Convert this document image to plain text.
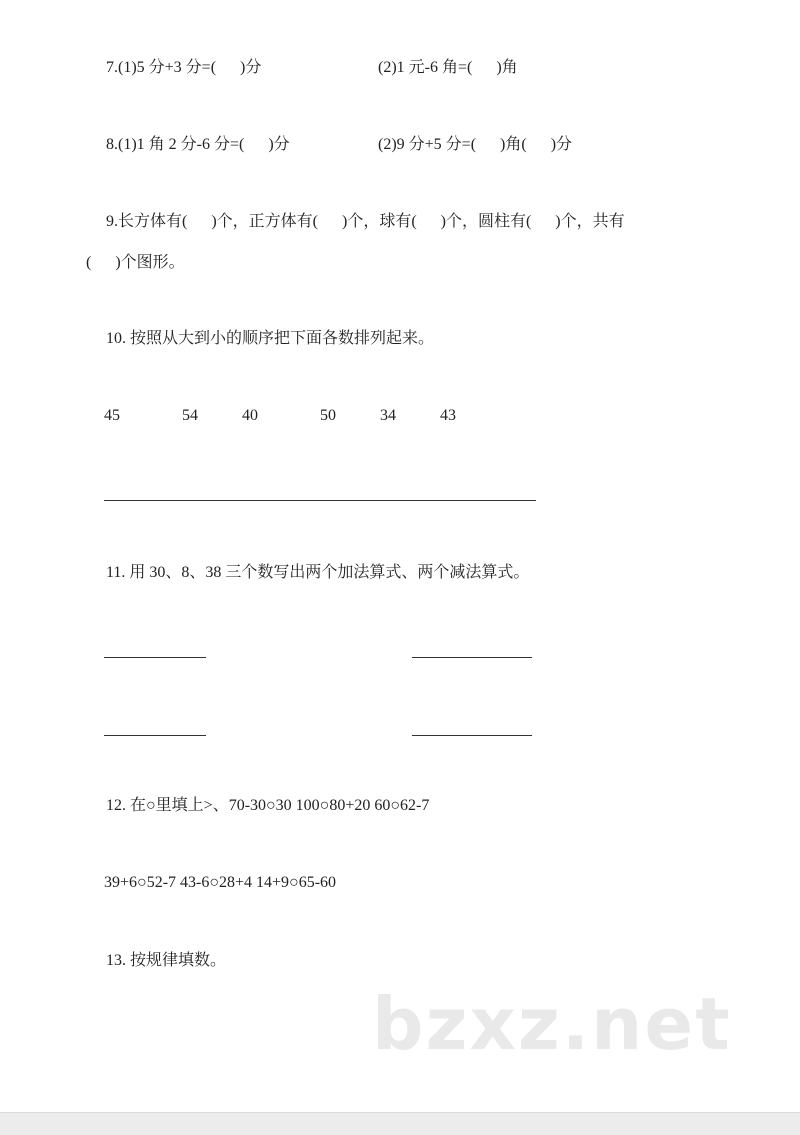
7.(1)5 分+3 分=(　  )分	(2)1 元-6 角=(　  )角
8.(1)1 角 2 分-6 分=(　  )分	(2)9 分+5 分=(　  )角(　  )分
9.长方体有(　  )个，正方体有(　  )个，球有(　  )个，圆柱有(　  )个，共有
(　  )个图形。
10. 按照从大到小的顺序把下面各数排列起来。
45	54	40	50	34	43
11. 用 30、8、38 三个数写出两个加法算式、两个减法算式。
12. 在○里填上>、70-30○30 100○80+20 60○62-7
39+6○52-7 43-6○28+4 14+9○65-60
13. 按规律填数。
bzxz.net
